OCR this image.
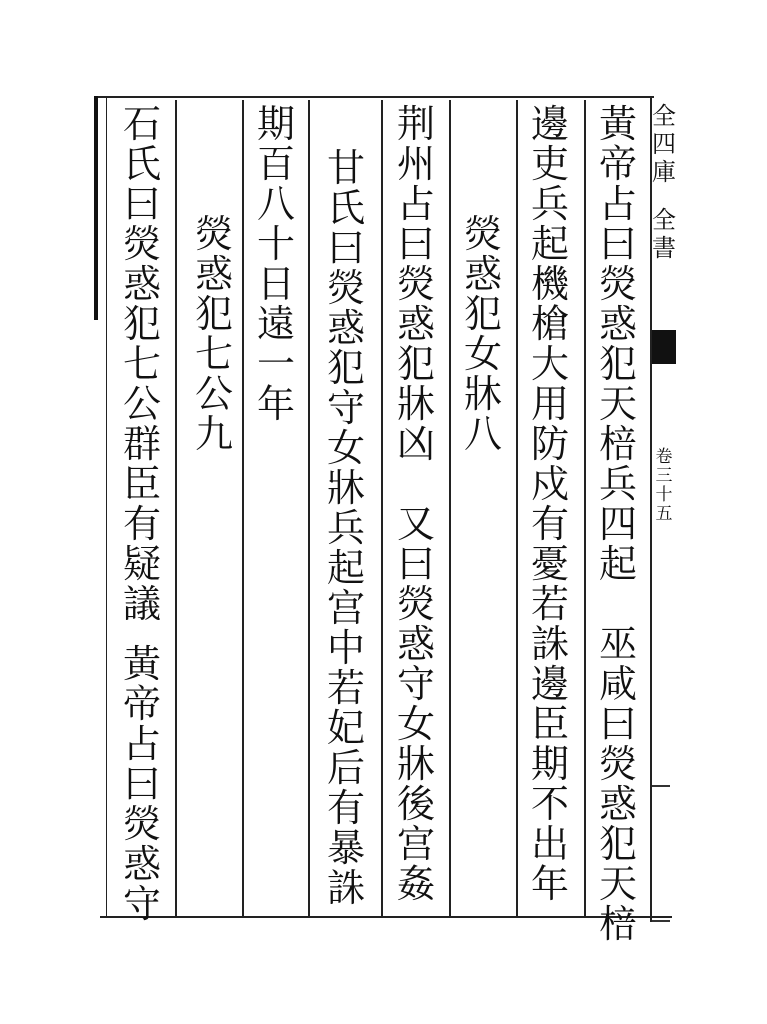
全
四
庫
全
書
卷
三
十
五
黃
帝
占
曰
熒
惑
犯
天
棓
兵
四
起
巫
咸
曰
熒
惑
犯
天
棓
邊
吏
兵
起
機
槍
大
用
防
戍
有
憂
若
誅
邊
臣
期
不
出
年
熒
惑
犯
女
牀
八
荆
州
占
曰
熒
惑
犯
牀
凶
又
曰
熒
惑
守
女
牀
後
宫
姦
甘
氏
曰
熒
惑
犯
守
女
牀
兵
起
宫
中
若
妃
后
有
暴
誅
期
百
八
十
日
遠
一
年
熒
惑
犯
七
公
九
石
氏
曰
熒
惑
犯
七
公
群
臣
有
疑
議
黃
帝
占
曰
熒
惑
守
